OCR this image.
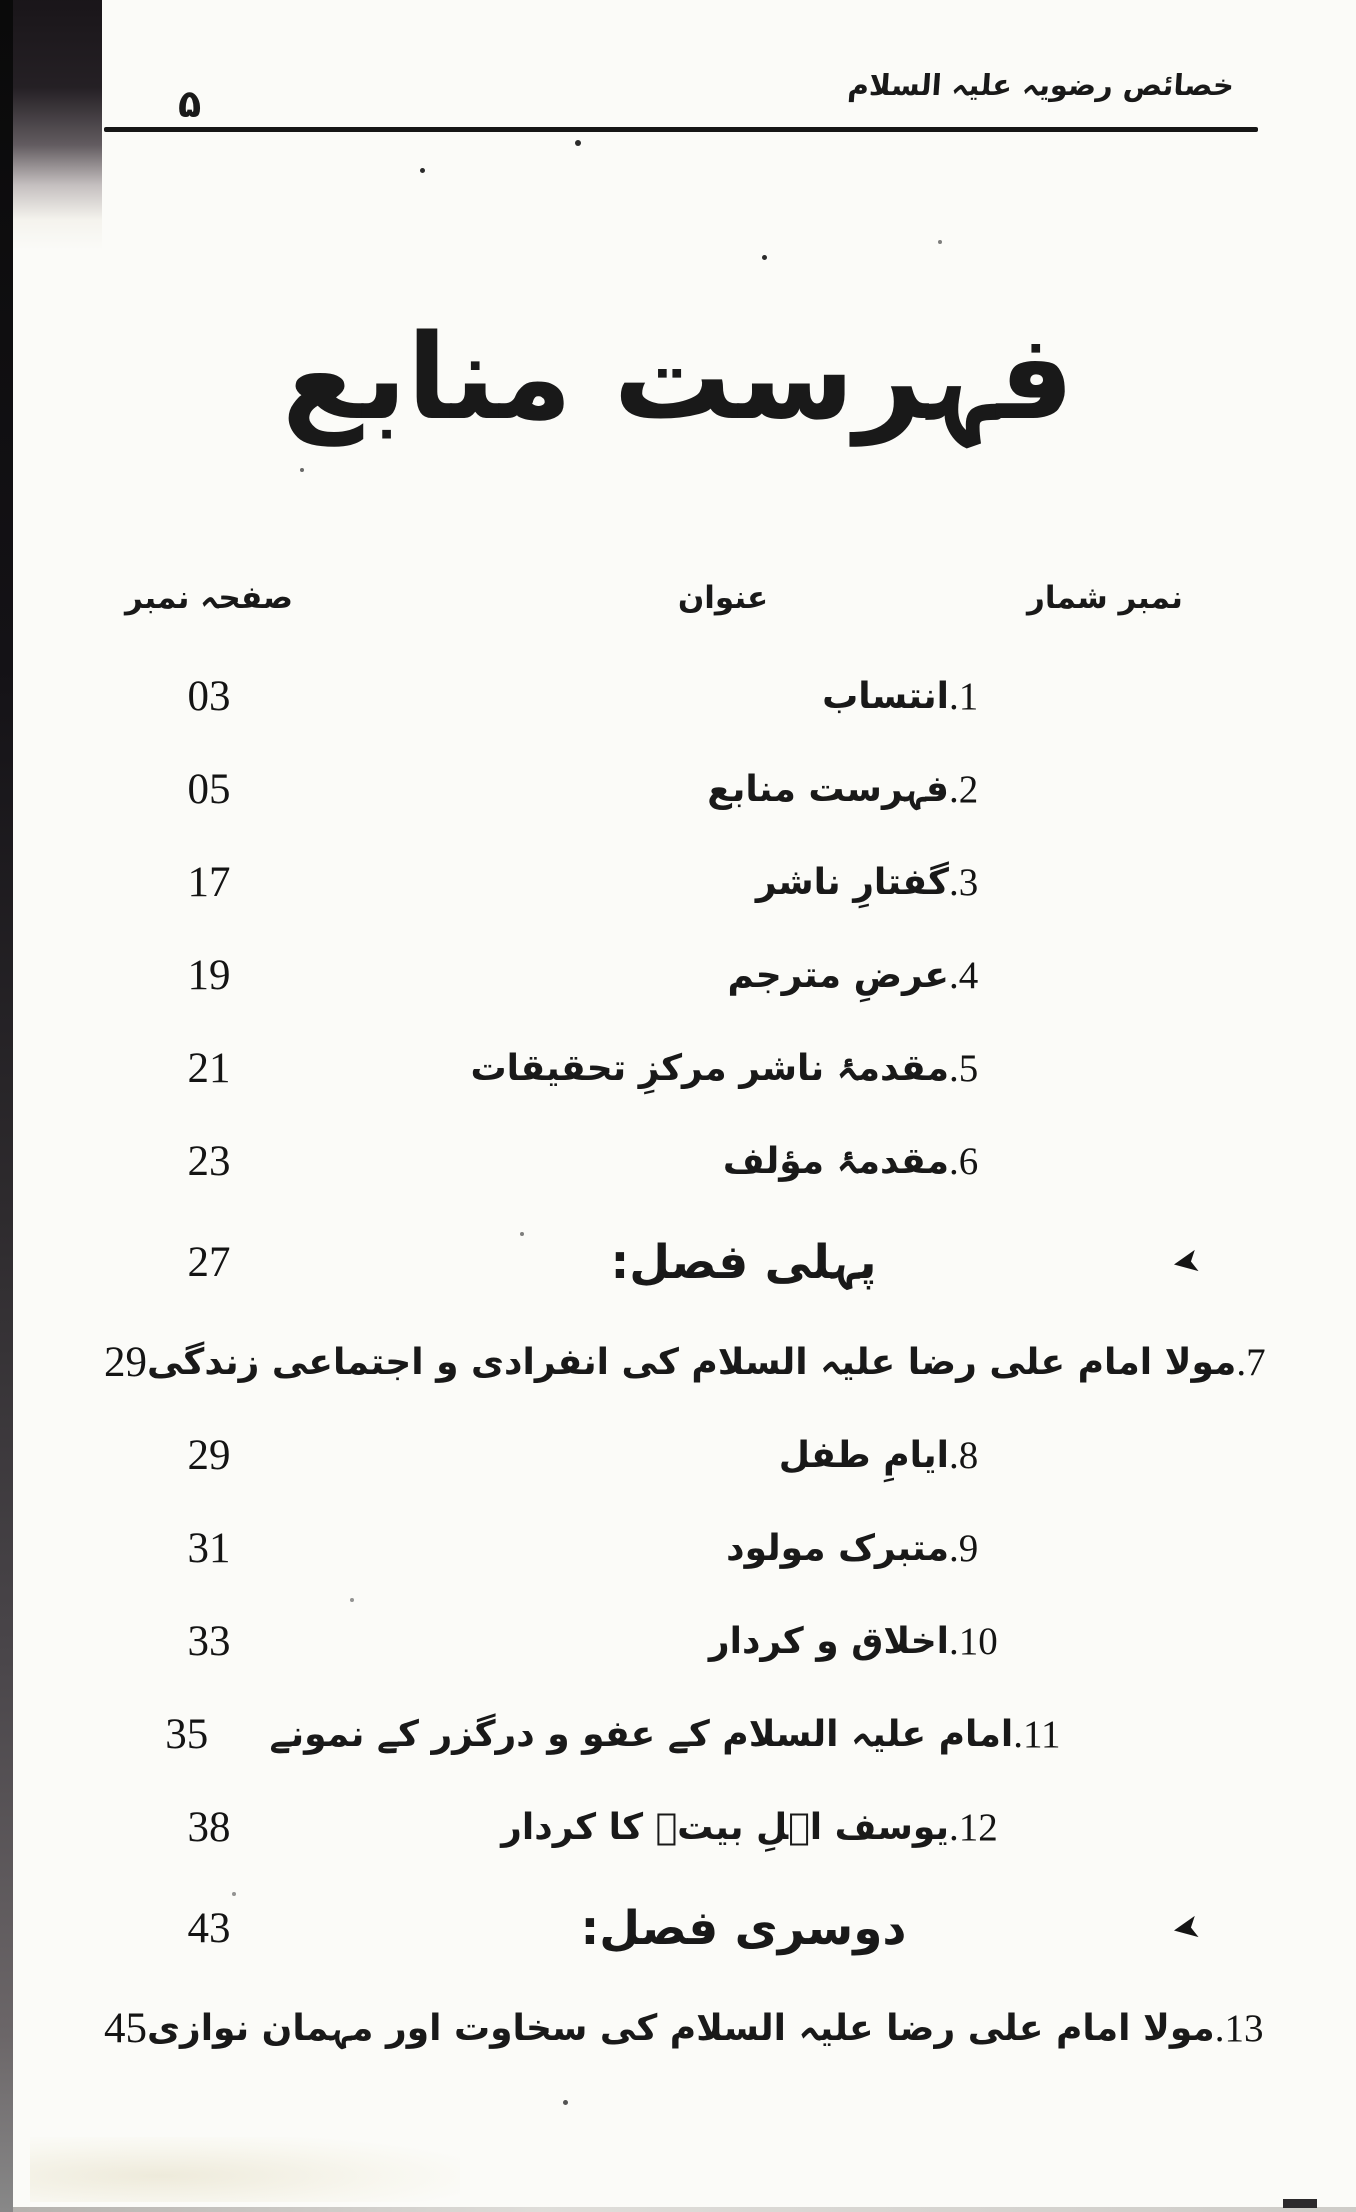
۵	خصائص رضویہ علیہ السلام
فہرست منابع
صفحہ نمبر	عنوان	نمبر شمار
03	انتساب 1.
05	فہرست منابع 2.
17	گفتارِ ناشر 3.
19	عرضِ مترجم 4.
21	مقدمۂ ناشر مرکزِ تحقیقات 5.
23	مقدمۂ مؤلف 6.
27	پہلی فصل:	➤
29 مولا امام علی رضا علیہ السلام کی انفرادی و اجتماعی زندگی 7.
29	ایامِ طفل 8.
31	متبرک مولود 9.
33	اخلاق و کردار 10.
35	امام علیہ السلام کے عفو و درگزر کے نمونے 11.
38	یوسف اہلِ بیتؑ کا کردار 12.
43	دوسری فصل:	➤
45 مولا امام علی رضا علیہ السلام کی سخاوت اور مہمان نوازی 13.
